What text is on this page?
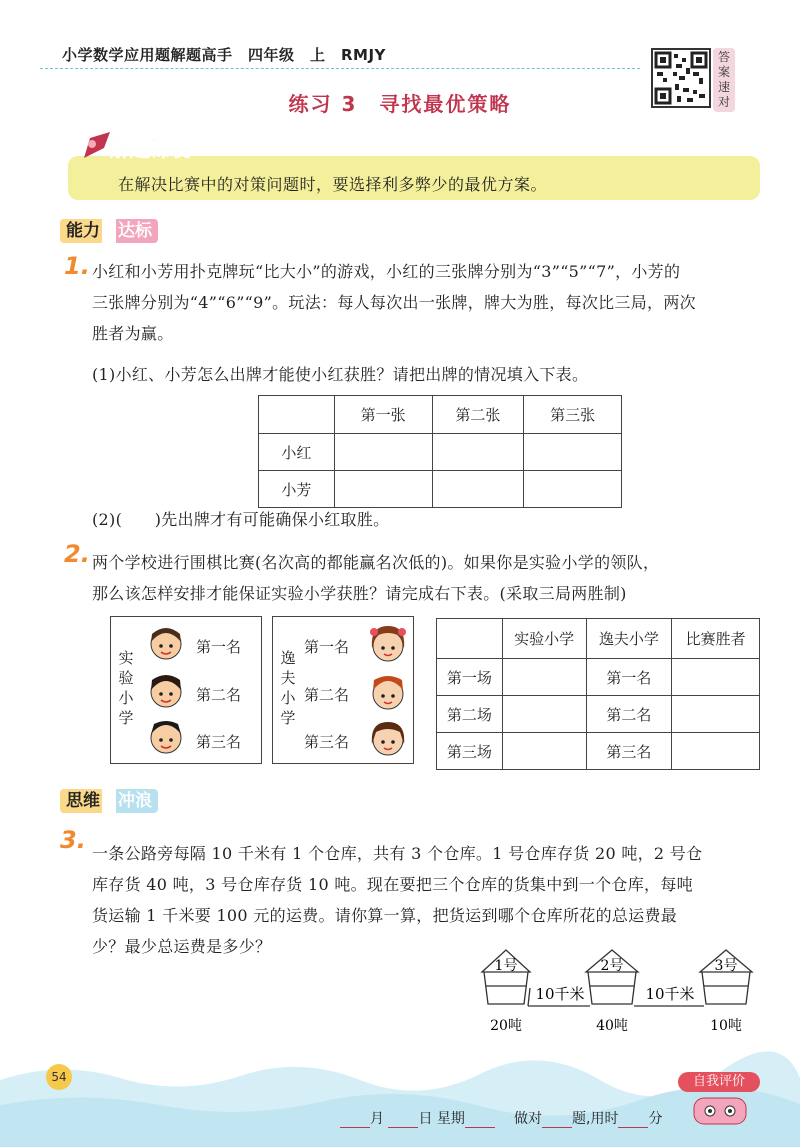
小学数学应用题解题高手　四年级　上　RMJY	答
案
速
对
练习 3　寻找最优策略
解题锦囊
在解决比赛中的对策问题时，要选择利多弊少的最优方案。
能力 达标
1. 小红和小芳用扑克牌玩“比大小”的游戏，小红的三张牌分别为“3”“5”“7”，小芳的
三张牌分别为“4”“6”“9”。玩法：每人每次出一张牌，牌大为胜，每次比三局，两次
胜者为赢。
(1)小红、小芳怎么出牌才能使小红获胜？请把出牌的情况填入下表。
	第一张	第二张	第三张
小红			
小芳			
(2)(　　)先出牌才有可能确保小红取胜。
2. 两个学校进行围棋比赛(名次高的都能赢名次低的)。如果你是实验小学的领队，
那么该怎样安排才能保证实验小学获胜？请完成右下表。(采取三局两胜制)
实
验
小
学
第一名
第二名
第三名
逸
夫
小
学
第一名
第二名
第三名
	实验小学	逸夫小学	比赛胜者
第一场		第一名	
第二场		第二名	
第三场		第三名	
思维 冲浪
3. 一条公路旁每隔 10 千米有 1 个仓库，共有 3 个仓库。1 号仓库存货 20 吨，2 号仓
库存货 40 吨，3 号仓库存货 10 吨。现在要把三个仓库的货集中到一个仓库，每吨
货运输 1 千米要 100 元的运费。请你算一算，把货运到哪个仓库所花的总运费最
少？最少总运费是多少？
1号	2号	3号
10千米	10千米
20吨	40吨	10吨
54	自我评价
月 日 星期	做对 题,用时 分
